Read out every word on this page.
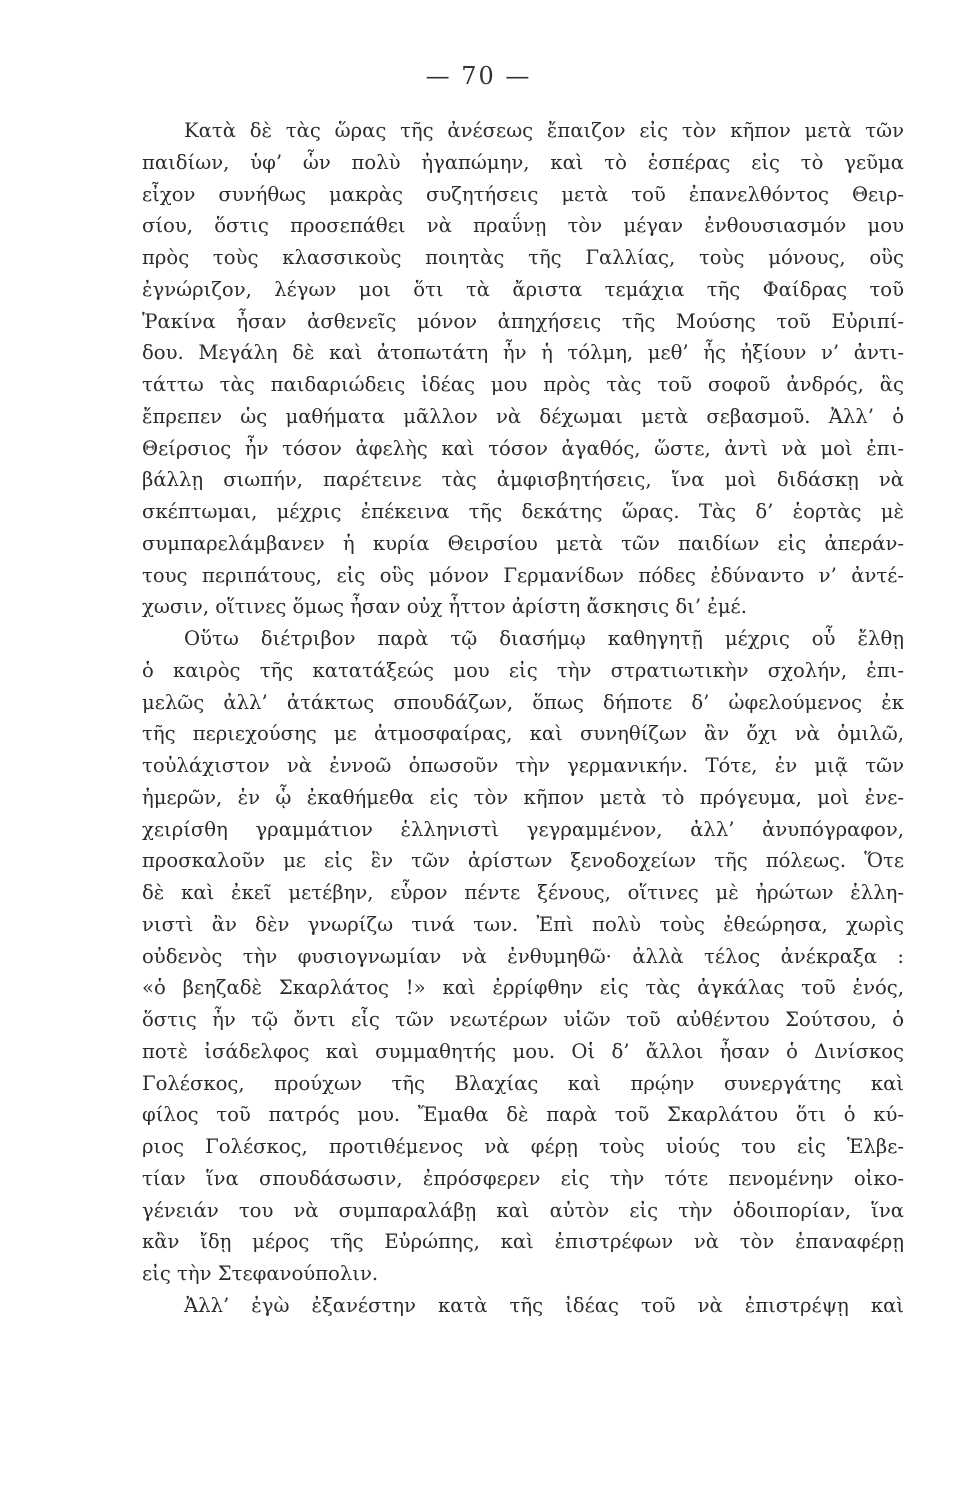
— 70 —
Κατὰ δὲ τὰς ὥρας τῆς ἀνέσεως ἔπαιζον εἰς τὸν κῆπον μετὰ τῶν
παιδίων, ὑφ’ ὧν πολὺ ἠγαπώμην, καὶ τὸ ἑσπέρας εἰς τὸ γεῦμα
εἶχον συνήθως μακρὰς συζητήσεις μετὰ τοῦ ἐπανελθόντος Θειρ-
σίου, ὅστις προσεπάθει νὰ πραΰνῃ τὸν μέγαν ἐνθουσιασμόν μου
πρὸς τοὺς κλασσικοὺς ποιητὰς τῆς Γαλλίας, τοὺς μόνους, οὓς
ἐγνώριζον, λέγων μοι ὅτι τὰ ἄριστα τεμάχια τῆς Φαίδρας τοῦ
Ῥακίνα ἦσαν ἀσθενεῖς μόνον ἀπηχήσεις τῆς Μούσης τοῦ Εὐριπί-
δου. Μεγάλη δὲ καὶ ἀτοπωτάτη ἦν ἡ τόλμη, μεθ’ ἧς ἠξίουν ν’ ἀντι-
τάττω τὰς παιδαριώδεις ἰδέας μου πρὸς τὰς τοῦ σοφοῦ ἀνδρός, ἃς
ἔπρεπεν ὡς μαθήματα μᾶλλον νὰ δέχωμαι μετὰ σεβασμοῦ. Ἀλλ’ ὁ
Θείρσιος ἦν τόσον ἀφελὴς καὶ τόσον ἀγαθός, ὥστε, ἀντὶ νὰ μοὶ ἐπι-
βάλλῃ σιωπήν, παρέτεινε τὰς ἀμφισβητήσεις, ἵνα μοὶ διδάσκῃ νὰ
σκέπτωμαι, μέχρις ἐπέκεινα τῆς δεκάτης ὥρας. Τὰς δ’ ἑορτὰς μὲ
συμπαρελάμβανεν ἡ κυρία Θειρσίου μετὰ τῶν παιδίων εἰς ἀπεράν-
τους περιπάτους, εἰς οὓς μόνον Γερμανίδων πόδες ἐδύναντο ν’ ἀντέ-
χωσιν, οἵτινες ὅμως ἦσαν οὐχ ἧττον ἀρίστη ἄσκησις δι’ ἐμέ.
Οὕτω διέτριβον παρὰ τῷ διασήμῳ καθηγητῇ μέχρις οὗ ἔλθῃ
ὁ καιρὸς τῆς κατατάξεώς μου εἰς τὴν στρατιωτικὴν σχολήν, ἐπι-
μελῶς ἀλλ’ ἀτάκτως σπουδάζων, ὅπως δήποτε δ’ ὠφελούμενος ἐκ
τῆς περιεχούσης με ἀτμοσφαίρας, καὶ συνηθίζων ἂν ὄχι νὰ ὁμιλῶ,
τοὐλάχιστον νὰ ἐννοῶ ὁπωσοῦν τὴν γερμανικήν. Τότε, ἐν μιᾷ τῶν
ἡμερῶν, ἐν ᾧ ἐκαθήμεθα εἰς τὸν κῆπον μετὰ τὸ πρόγευμα, μοὶ ἐνε-
χειρίσθη γραμμάτιον ἑλληνιστὶ γεγραμμένον, ἀλλ’ ἀνυπόγραφον,
προσκαλοῦν με εἰς ἓν τῶν ἀρίστων ξενοδοχείων τῆς πόλεως. Ὅτε
δὲ καὶ ἐκεῖ μετέβην, εὗρον πέντε ξένους, οἵτινες μὲ ἠρώτων ἑλλη-
νιστὶ ἂν δὲν γνωρίζω τινά των. Ἐπὶ πολὺ τοὺς ἐθεώρησα, χωρὶς
οὐδενὸς τὴν φυσιογνωμίαν νὰ ἐνθυμηθῶ· ἀλλὰ τέλος ἀνέκραξα :
«ὁ βεηζαδὲ Σκαρλάτος !» καὶ ἐρρίφθην εἰς τὰς ἀγκάλας τοῦ ἑνός,
ὅστις ἦν τῷ ὄντι εἷς τῶν νεωτέρων υἱῶν τοῦ αὐθέντου Σούτσου, ὁ
ποτὲ ἰσάδελφος καὶ συμμαθητής μου. Οἱ δ’ ἄλλοι ἦσαν ὁ Δινίσκος
Γολέσκος, προύχων τῆς Βλαχίας καὶ πρῴην συνεργάτης καὶ
φίλος τοῦ πατρός μου. Ἔμαθα δὲ παρὰ τοῦ Σκαρλάτου ὅτι ὁ κύ-
ριος Γολέσκος, προτιθέμενος νὰ φέρῃ τοὺς υἱούς του εἰς Ἑλβε-
τίαν ἵνα σπουδάσωσιν, ἐπρόσφερεν εἰς τὴν τότε πενομένην οἰκο-
γένειάν του νὰ συμπαραλάβῃ καὶ αὐτὸν εἰς τὴν ὁδοιπορίαν, ἵνα
κἂν ἴδῃ μέρος τῆς Εὐρώπης, καὶ ἐπιστρέφων νὰ τὸν ἐπαναφέρῃ
εἰς τὴν Στεφανούπολιν.
Ἀλλ’ ἐγὼ ἐξανέστην κατὰ τῆς ἰδέας τοῦ νὰ ἐπιστρέψῃ καὶ
